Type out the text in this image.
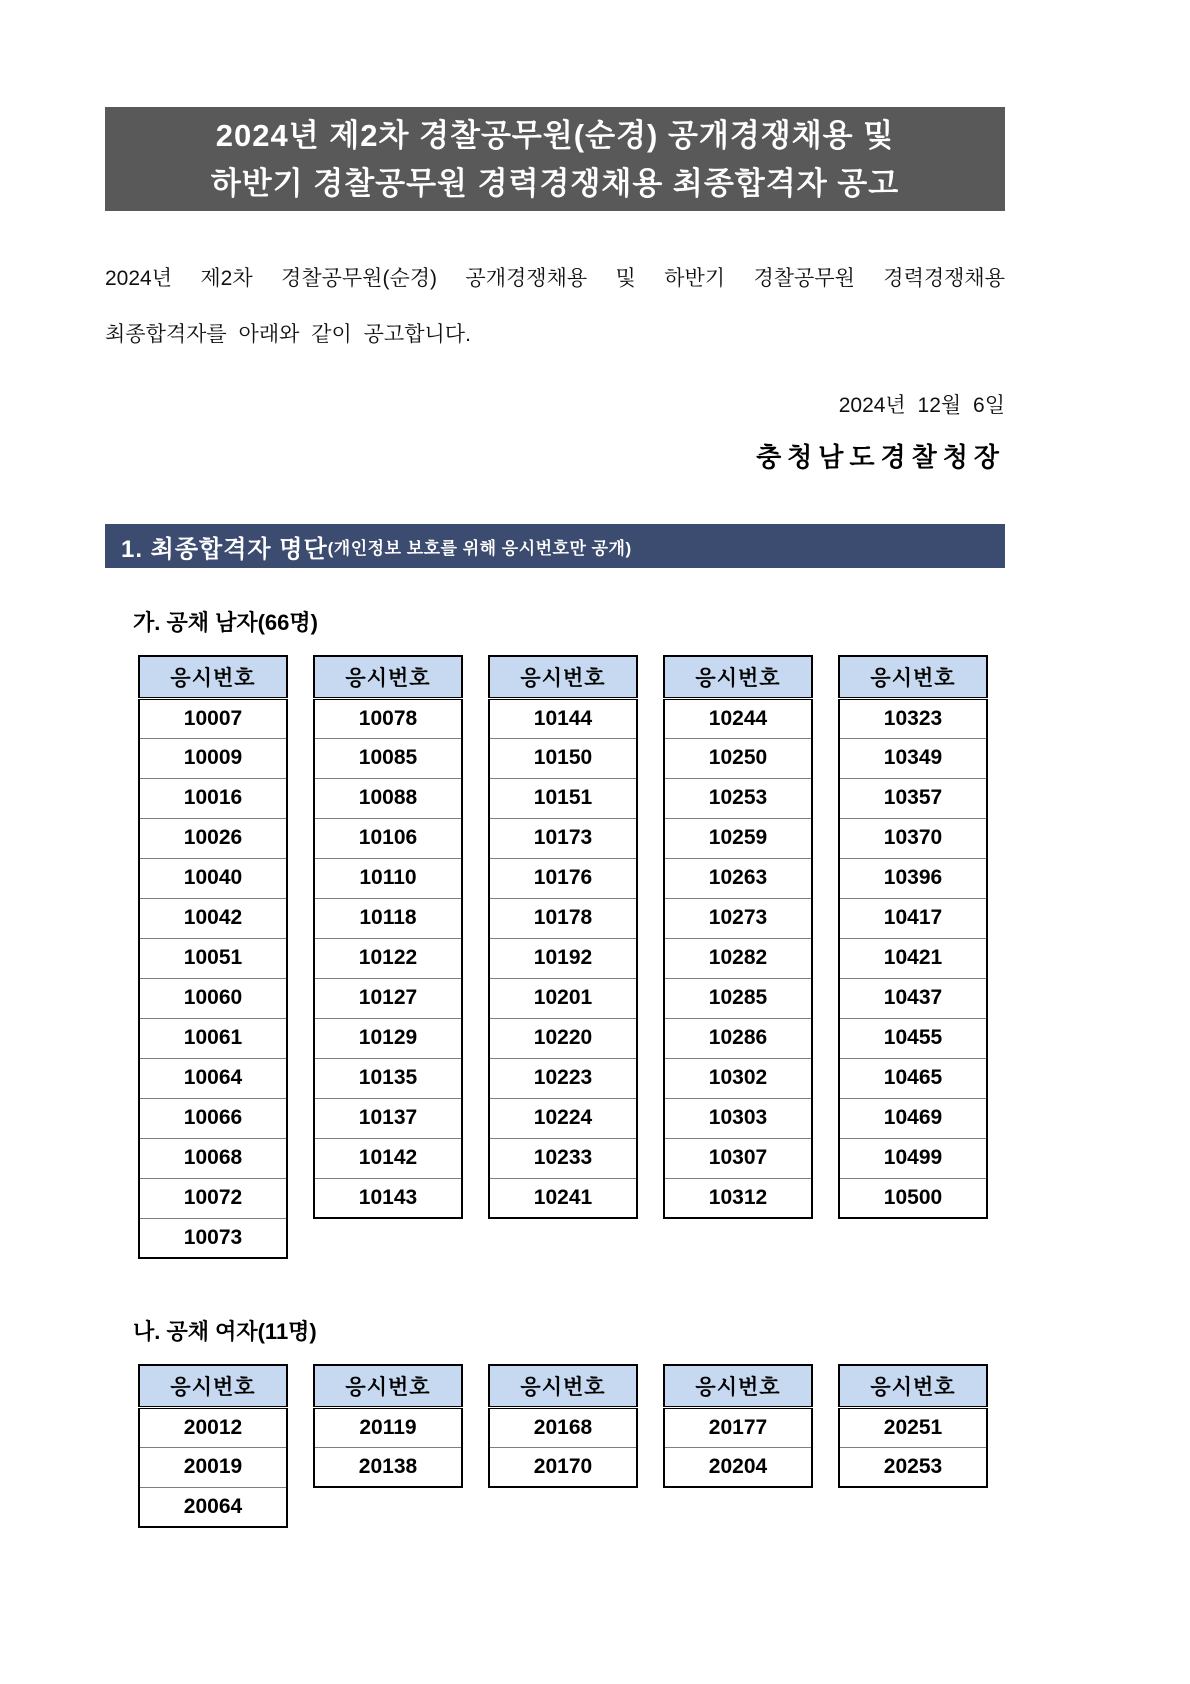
2024년 제2차 경찰공무원(순경) 공개경쟁채용 및
하반기 경찰공무원 경력경쟁채용 최종합격자 공고
2024년 제2차 경찰공무원(순경) 공개경쟁채용 및 하반기 경찰공무원 경력경쟁채용
최종합격자를 아래와 같이 공고합니다.
2024년 12월 6일
충청남도경찰청장
1. 최종합격자 명단 (개인정보 보호를 위해 응시번호만 공개)
가. 공채 남자(66명)
응시번호
10007
10009
10016
10026
10040
10042
10051
10060
10061
10064
10066
10068
10072
10073
응시번호
10078
10085
10088
10106
10110
10118
10122
10127
10129
10135
10137
10142
10143
응시번호
10144
10150
10151
10173
10176
10178
10192
10201
10220
10223
10224
10233
10241
응시번호
10244
10250
10253
10259
10263
10273
10282
10285
10286
10302
10303
10307
10312
응시번호
10323
10349
10357
10370
10396
10417
10421
10437
10455
10465
10469
10499
10500
나. 공채 여자(11명)
응시번호
20012
20019
20064
응시번호
20119
20138
응시번호
20168
20170
응시번호
20177
20204
응시번호
20251
20253
